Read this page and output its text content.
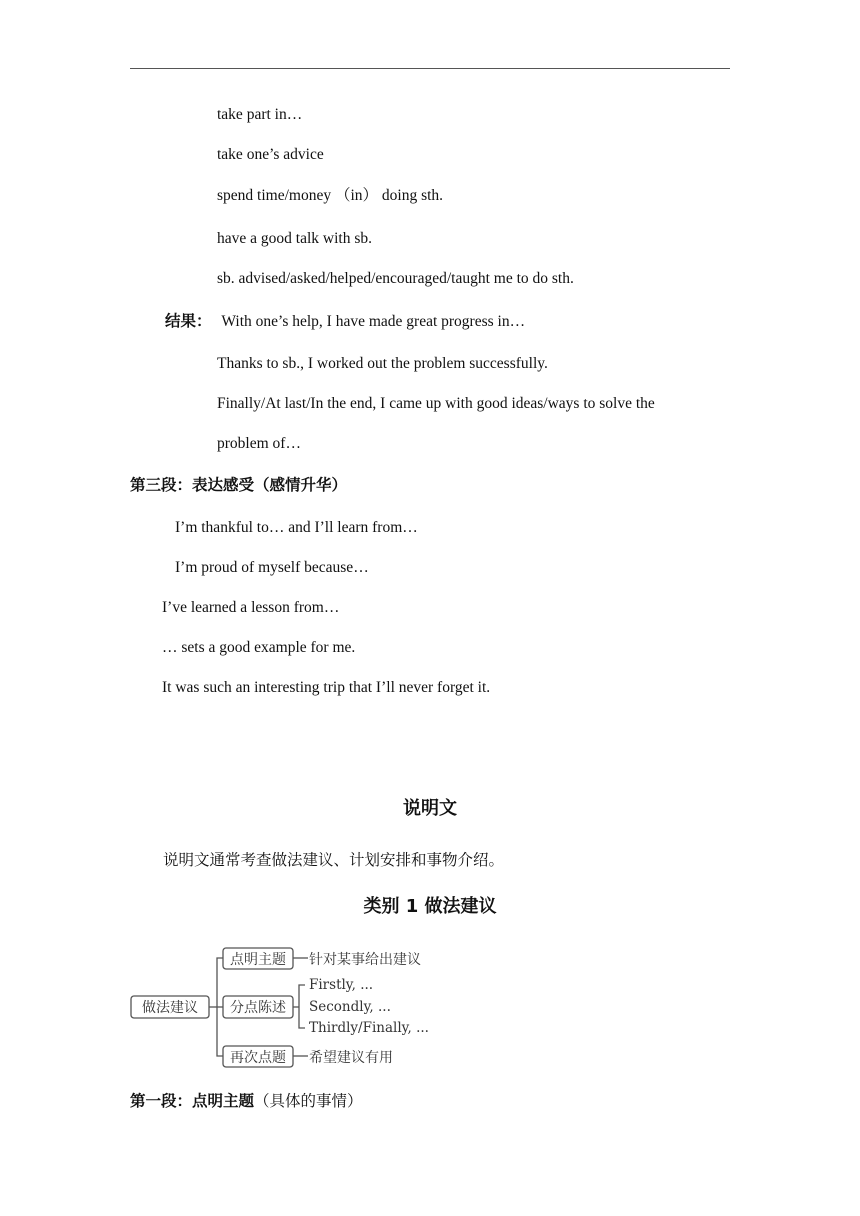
take part in…
take one’s advice
spend time/money （in） doing sth.
have a good talk with sb.
sb. advised/asked/helped/encouraged/taught me to do sth.
结果： With one’s help, I have made great progress in…
Thanks to sb., I worked out the problem successfully.
Finally/At last/In the end, I came up with good ideas/ways to solve the
problem of…
第三段：表达感受（感情升华）
I’m thankful to… and I’ll learn from…
I’m proud of myself because…
I’ve learned a lesson from…
… sets a good example for me.
It was such an interesting trip that I’ll never forget it.
说明文
说明文通常考查做法建议、计划安排和事物介绍。
类别 1 做法建议
做法建议
点明主题 针对某事给出建议
分点陈述
Firstly, ...
Secondly, ...
Thirdly/Finally, ...
再次点题 希望建议有用
第一段：点明主题（具体的事情）
